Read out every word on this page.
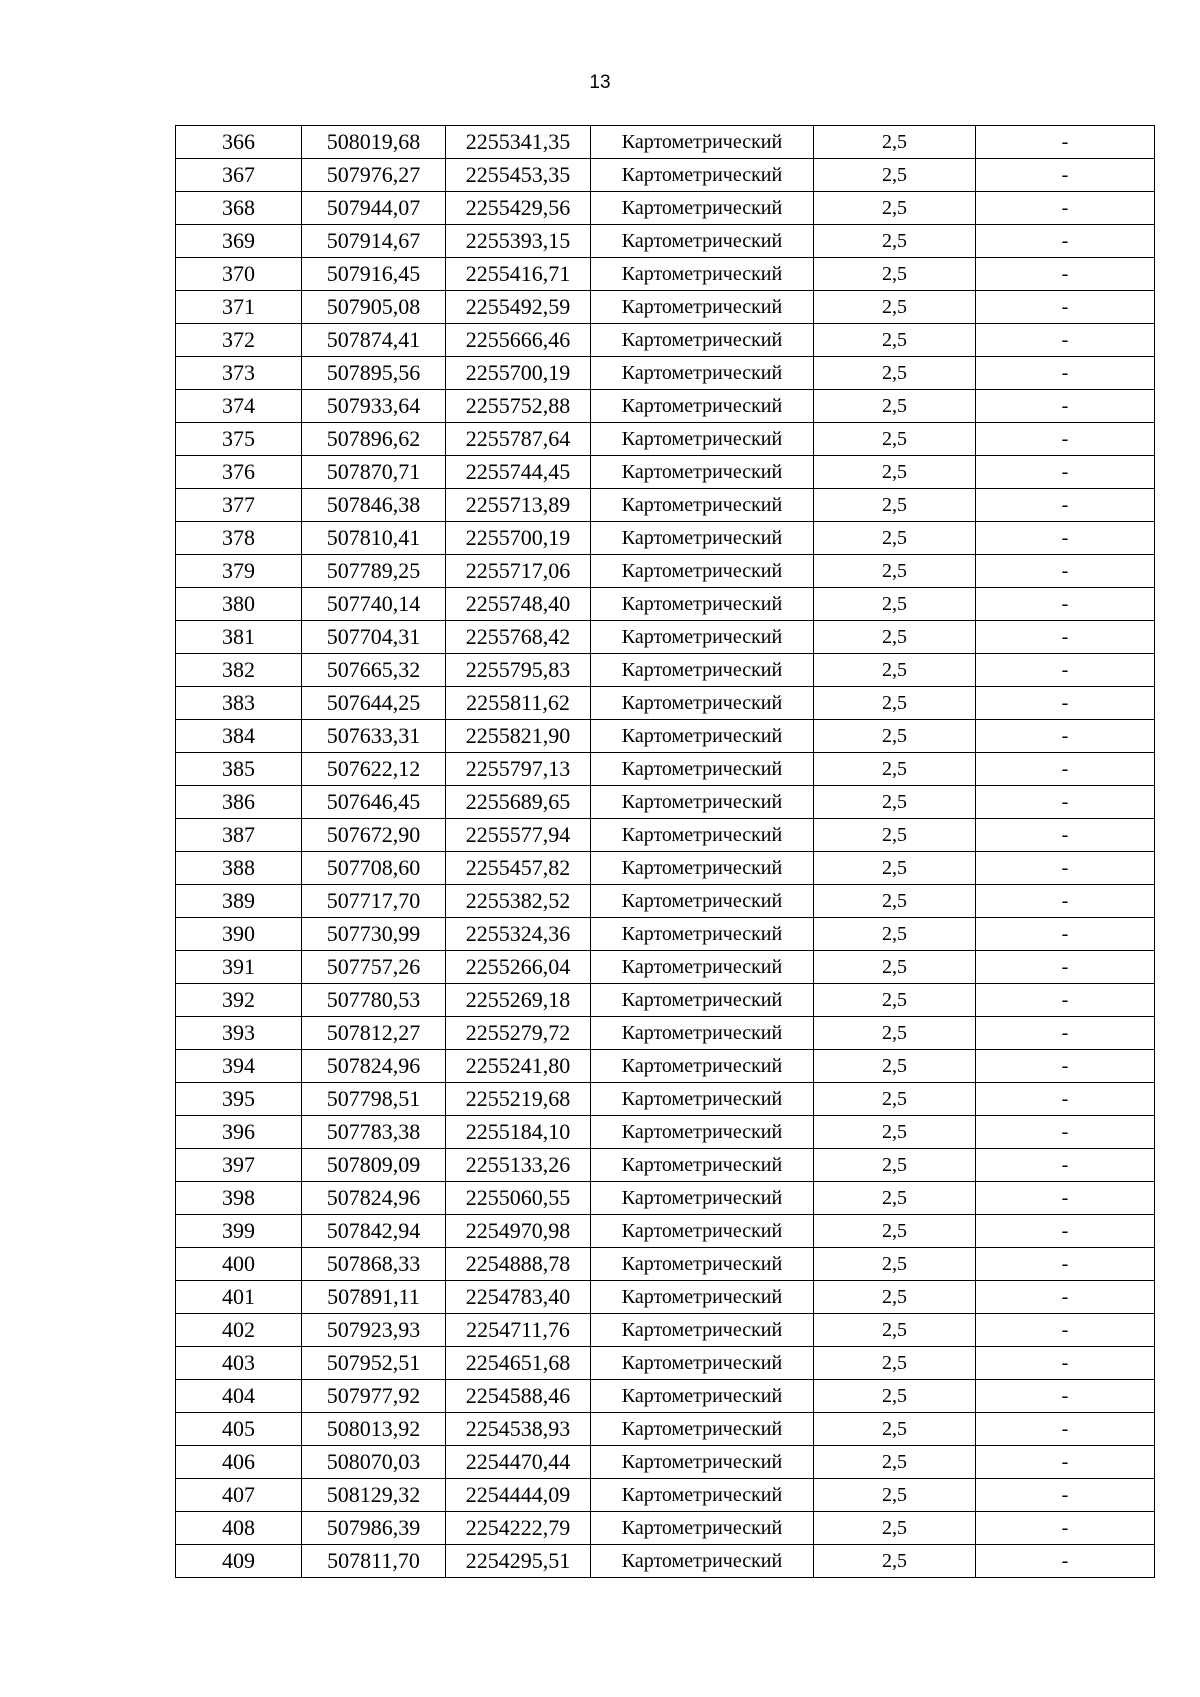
13
366	508019,68	2255341,35	Картометрический	2,5	-
367	507976,27	2255453,35	Картометрический	2,5	-
368	507944,07	2255429,56	Картометрический	2,5	-
369	507914,67	2255393,15	Картометрический	2,5	-
370	507916,45	2255416,71	Картометрический	2,5	-
371	507905,08	2255492,59	Картометрический	2,5	-
372	507874,41	2255666,46	Картометрический	2,5	-
373	507895,56	2255700,19	Картометрический	2,5	-
374	507933,64	2255752,88	Картометрический	2,5	-
375	507896,62	2255787,64	Картометрический	2,5	-
376	507870,71	2255744,45	Картометрический	2,5	-
377	507846,38	2255713,89	Картометрический	2,5	-
378	507810,41	2255700,19	Картометрический	2,5	-
379	507789,25	2255717,06	Картометрический	2,5	-
380	507740,14	2255748,40	Картометрический	2,5	-
381	507704,31	2255768,42	Картометрический	2,5	-
382	507665,32	2255795,83	Картометрический	2,5	-
383	507644,25	2255811,62	Картометрический	2,5	-
384	507633,31	2255821,90	Картометрический	2,5	-
385	507622,12	2255797,13	Картометрический	2,5	-
386	507646,45	2255689,65	Картометрический	2,5	-
387	507672,90	2255577,94	Картометрический	2,5	-
388	507708,60	2255457,82	Картометрический	2,5	-
389	507717,70	2255382,52	Картометрический	2,5	-
390	507730,99	2255324,36	Картометрический	2,5	-
391	507757,26	2255266,04	Картометрический	2,5	-
392	507780,53	2255269,18	Картометрический	2,5	-
393	507812,27	2255279,72	Картометрический	2,5	-
394	507824,96	2255241,80	Картометрический	2,5	-
395	507798,51	2255219,68	Картометрический	2,5	-
396	507783,38	2255184,10	Картометрический	2,5	-
397	507809,09	2255133,26	Картометрический	2,5	-
398	507824,96	2255060,55	Картометрический	2,5	-
399	507842,94	2254970,98	Картометрический	2,5	-
400	507868,33	2254888,78	Картометрический	2,5	-
401	507891,11	2254783,40	Картометрический	2,5	-
402	507923,93	2254711,76	Картометрический	2,5	-
403	507952,51	2254651,68	Картометрический	2,5	-
404	507977,92	2254588,46	Картометрический	2,5	-
405	508013,92	2254538,93	Картометрический	2,5	-
406	508070,03	2254470,44	Картометрический	2,5	-
407	508129,32	2254444,09	Картометрический	2,5	-
408	507986,39	2254222,79	Картометрический	2,5	-
409	507811,70	2254295,51	Картометрический	2,5	-
